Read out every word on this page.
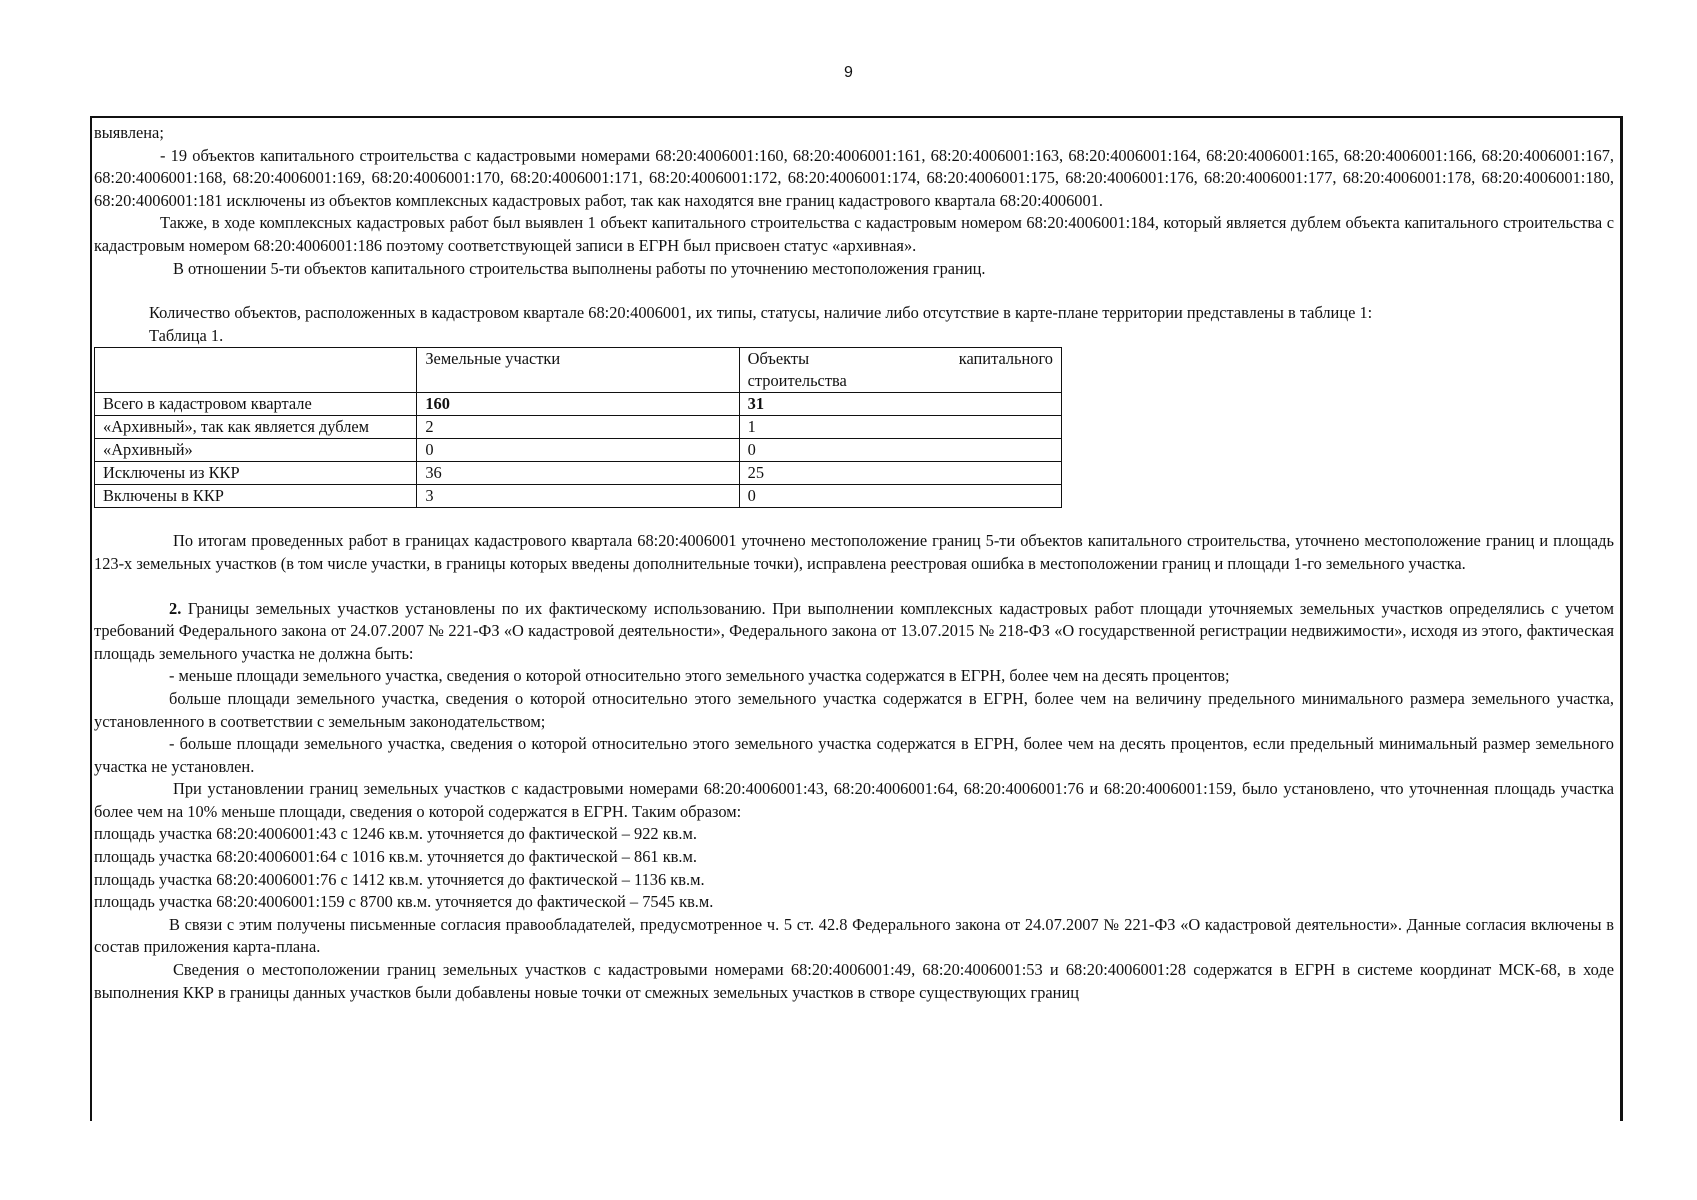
9

выявлена;

- 19 объектов капитального строительства с кадастровыми номерами 68:20:4006001:160, 68:20:4006001:161, 68:20:4006001:163, 68:20:4006001:164, 68:20:4006001:165, 68:20:4006001:166, 68:20:4006001:167, 68:20:4006001:168, 68:20:4006001:169, 68:20:4006001:170, 68:20:4006001:171, 68:20:4006001:172, 68:20:4006001:174, 68:20:4006001:175, 68:20:4006001:176, 68:20:4006001:177, 68:20:4006001:178, 68:20:4006001:180, 68:20:4006001:181 исключены из объектов комплексных кадастровых работ, так как находятся вне границ кадастрового квартала 68:20:4006001.

Также, в ходе комплексных кадастровых работ был выявлен 1 объект капитального строительства с кадастровым номером 68:20:4006001:184, который является дублем объекта капитального строительства с кадастровым номером 68:20:4006001:186 поэтому соответствующей записи в ЕГРН был присвоен статус «архивная».

В отношении 5-ти объектов капитального строительства выполнены работы по уточнению местоположения границ.

Количество объектов, расположенных в кадастровом квартале 68:20:4006001, их типы, статусы, наличие либо отсутствие в карте-плане территории представлены в таблице 1:

Таблица 1.

	Земельные участки	Объекты капитального
строительства

Всего в кадастровом квартале	160	31
«Архивный», так как является дублем	2	1
«Архивный»	0	0
Исключены из ККР	36	25
Включены в ККР	3	0

По итогам проведенных работ в границах кадастрового квартала 68:20:4006001 уточнено местоположение границ 5-ти объектов капитального строительства, уточнено местоположение границ и площадь 123-х земельных участков (в том числе участки, в границы которых введены дополнительные точки), исправлена реестровая ошибка в местоположении границ и площади 1-го земельного участка.

2. Границы земельных участков установлены по их фактическому использованию. При выполнении комплексных кадастровых работ площади уточняемых земельных участков определялись с учетом требований Федерального закона от 24.07.2007 № 221-ФЗ «О кадастровой деятельности», Федерального закона от 13.07.2015 № 218-ФЗ «О государственной регистрации недвижимости», исходя из этого, фактическая площадь земельного участка не должна быть:

- меньше площади земельного участка, сведения о которой относительно этого земельного участка содержатся в ЕГРН, более чем на десять процентов;

больше площади земельного участка, сведения о которой относительно этого земельного участка содержатся в ЕГРН, более чем на величину предельного минимального размера земельного участка, установленного в соответствии с земельным законодательством;

- больше площади земельного участка, сведения о которой относительно этого земельного участка содержатся в ЕГРН, более чем на десять процентов, если предельный минимальный размер земельного участка не установлен.

При установлении границ земельных участков с кадастровыми номерами 68:20:4006001:43, 68:20:4006001:64, 68:20:4006001:76 и 68:20:4006001:159, было установлено, что уточненная площадь участка более чем на 10% меньше площади, сведения о которой содержатся в ЕГРН. Таким образом:

площадь участка 68:20:4006001:43 с 1246 кв.м. уточняется до фактической – 922 кв.м.

площадь участка 68:20:4006001:64 с 1016 кв.м. уточняется до фактической – 861 кв.м.

площадь участка 68:20:4006001:76 с 1412 кв.м. уточняется до фактической – 1136 кв.м.

площадь участка 68:20:4006001:159 с 8700 кв.м. уточняется до фактической – 7545 кв.м.

В связи с этим получены письменные согласия правообладателей, предусмотренное ч. 5 ст. 42.8 Федерального закона от 24.07.2007 № 221-ФЗ «О кадастровой деятельности». Данные согласия включены в состав приложения карта-плана.

Сведения о местоположении границ земельных участков с кадастровыми номерами 68:20:4006001:49, 68:20:4006001:53 и 68:20:4006001:28 содержатся в ЕГРН в системе координат МСК-68, в ходе выполнения ККР в границы данных участков были добавлены новые точки от смежных земельных участков в створе существующих границ
